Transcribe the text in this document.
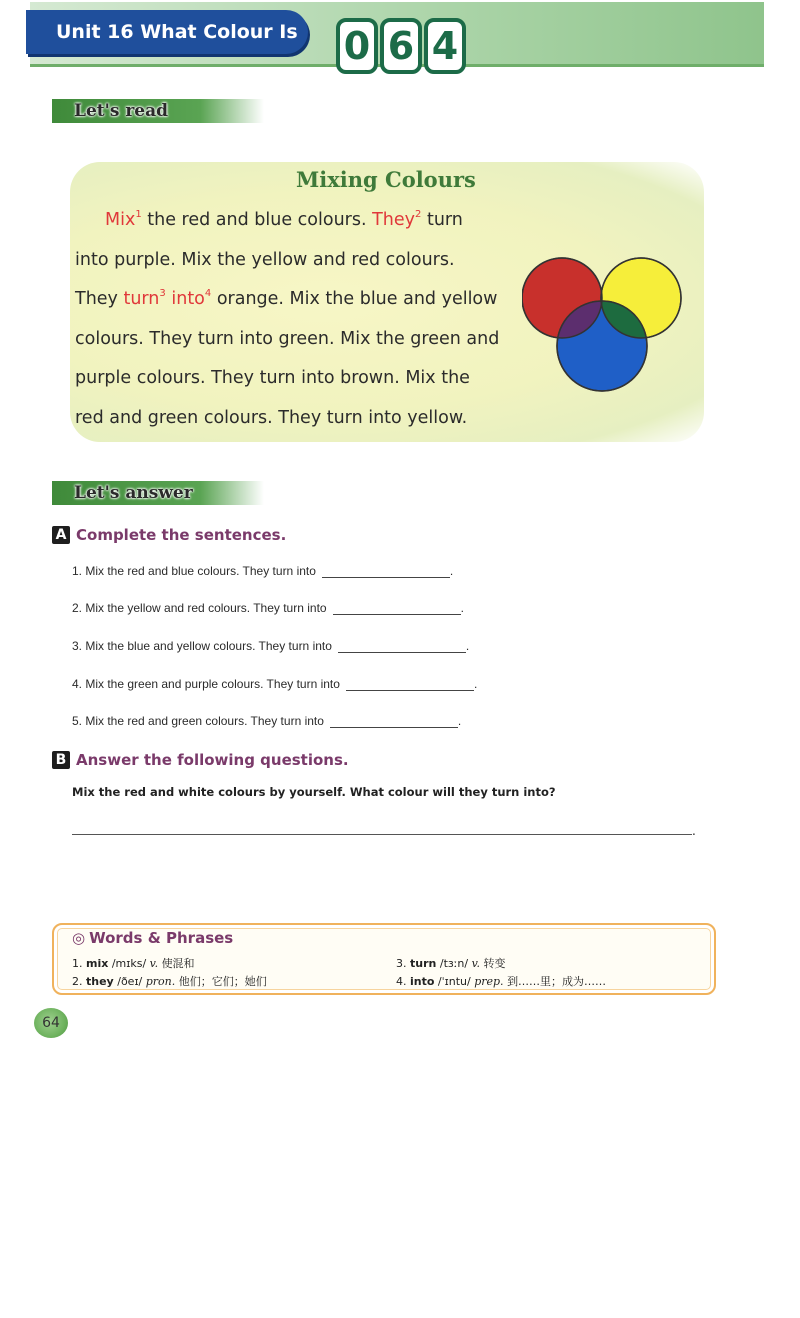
Unit 16 What Colour Is It?
0 6 4
Let's read
Mixing Colours
Mix$^1$ the red and blue colours. They$^2$ turn
into purple. Mix the yellow and red colours.
They turn$^3$ into$^4$ orange. Mix the blue and yellow
colours. They turn into green. Mix the green and
purple colours. They turn into brown. Mix the
red and green colours. They turn into yellow.
Let's answer
A Complete the sentences.
1. Mix the red and blue colours. They turn into	.
2. Mix the yellow and red colours. They turn into	.
3. Mix the blue and yellow colours. They turn into	.
4. Mix the green and purple colours. They turn into	.
5. Mix the red and green colours. They turn into	.
B Answer the following questions.
Mix the red and white colours by yourself. What colour will they turn into?
.
◎ Words & Phrases
1. mix /mɪks/ v. 使混和
2. they /ðeɪ/ pron. 他们；它们；她们
3. turn /tɜːn/ v. 转变
4. into /ˈɪntu/ prep. 到……里；成为……
64
